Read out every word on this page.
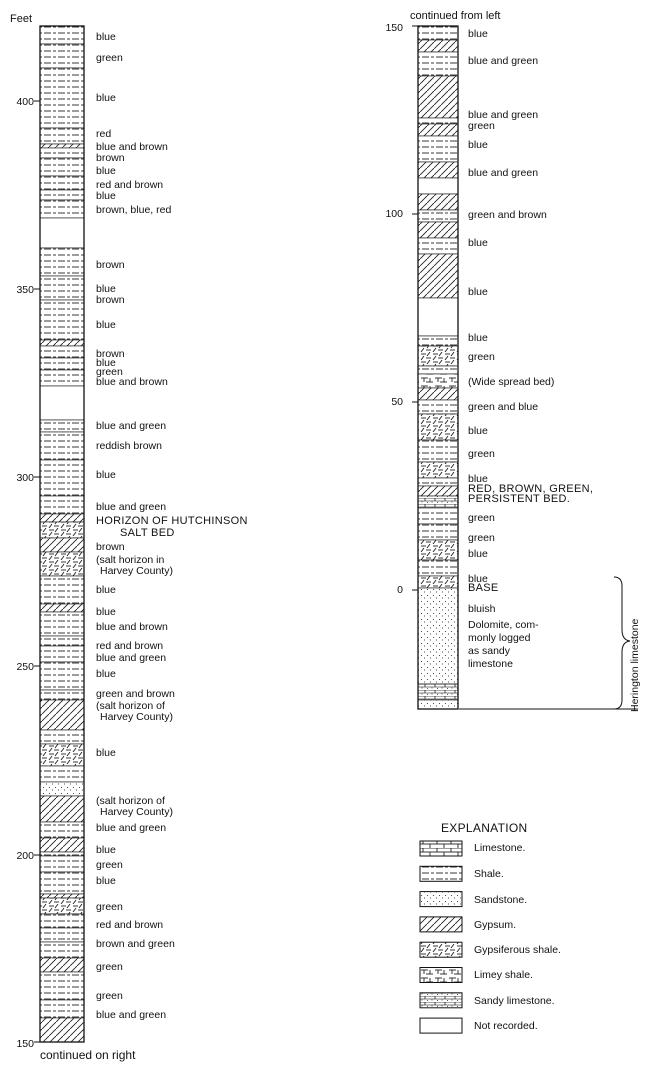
Feet
400
350
300
250
200
150
continued on right
blue
green
blue
red
blue and brown
brown
blue
red and brown
blue
brown, blue, red
brown
blue
brown
blue
brown
blue
green
blue and brown
blue and green
reddish brown
blue
blue and green
HORIZON OF HUTCHINSON
SALT BED
brown
(salt horizon in
Harvey County)
blue
blue
blue and brown
red and brown
blue and green
blue
green and brown
(salt horizon of
Harvey County)
blue
(salt horizon of
Harvey County)
blue and green
blue
green
blue
green
red and brown
brown and green
green
green
blue and green
continued from left
150
100
50
0
blue
blue and green
blue and green
green
blue
blue and green
green and brown
blue
blue
blue
green
(Wide spread bed)
green and blue
blue
green
blue
RED, BROWN, GREEN,
PERSISTENT BED.
green
green
blue
blue
BASE
bluish
Dolomite, com-
monly logged
as sandy
limestone	Herington limestone
EXPLANATION
Limestone.
Shale.
Sandstone.
Gypsum.
Gypsiferous shale.
Limey shale.
Sandy limestone.
Not recorded.
